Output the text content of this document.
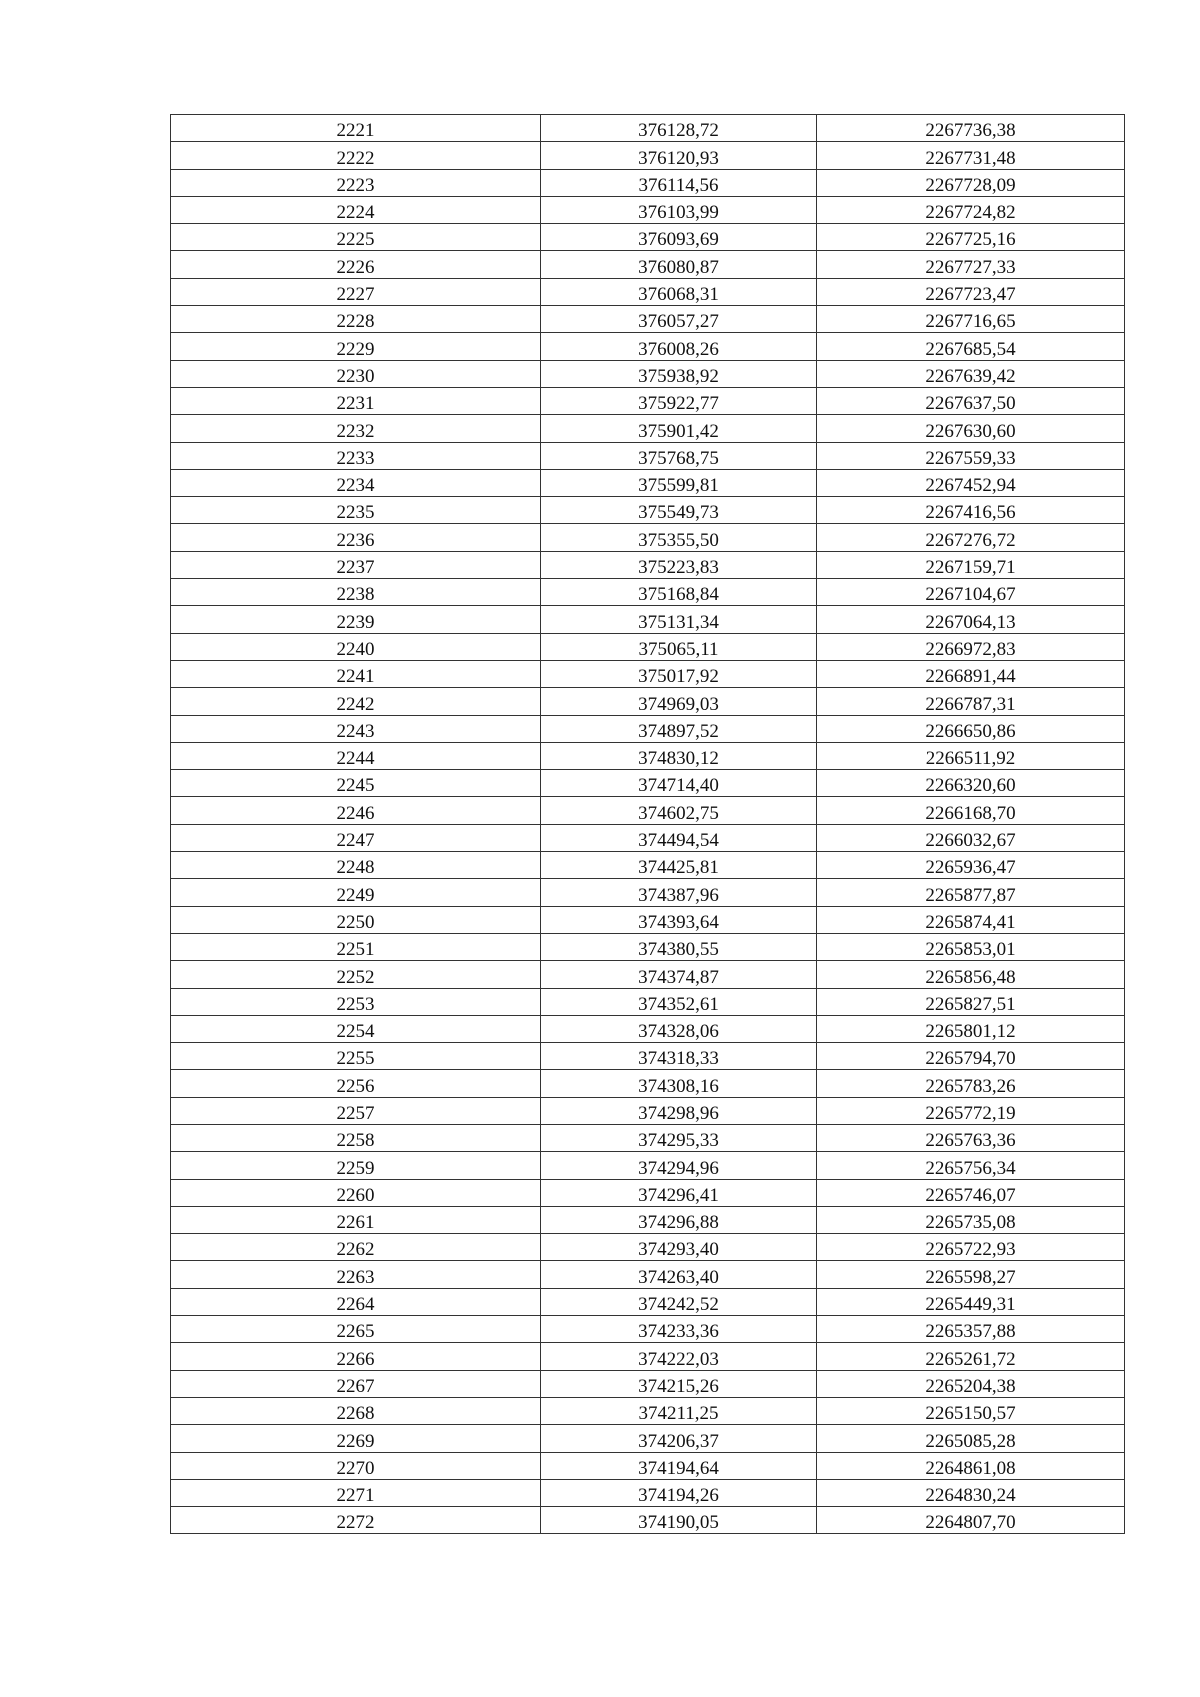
2221	376128,72	2267736,38
2222	376120,93	2267731,48
2223	376114,56	2267728,09
2224	376103,99	2267724,82
2225	376093,69	2267725,16
2226	376080,87	2267727,33
2227	376068,31	2267723,47
2228	376057,27	2267716,65
2229	376008,26	2267685,54
2230	375938,92	2267639,42
2231	375922,77	2267637,50
2232	375901,42	2267630,60
2233	375768,75	2267559,33
2234	375599,81	2267452,94
2235	375549,73	2267416,56
2236	375355,50	2267276,72
2237	375223,83	2267159,71
2238	375168,84	2267104,67
2239	375131,34	2267064,13
2240	375065,11	2266972,83
2241	375017,92	2266891,44
2242	374969,03	2266787,31
2243	374897,52	2266650,86
2244	374830,12	2266511,92
2245	374714,40	2266320,60
2246	374602,75	2266168,70
2247	374494,54	2266032,67
2248	374425,81	2265936,47
2249	374387,96	2265877,87
2250	374393,64	2265874,41
2251	374380,55	2265853,01
2252	374374,87	2265856,48
2253	374352,61	2265827,51
2254	374328,06	2265801,12
2255	374318,33	2265794,70
2256	374308,16	2265783,26
2257	374298,96	2265772,19
2258	374295,33	2265763,36
2259	374294,96	2265756,34
2260	374296,41	2265746,07
2261	374296,88	2265735,08
2262	374293,40	2265722,93
2263	374263,40	2265598,27
2264	374242,52	2265449,31
2265	374233,36	2265357,88
2266	374222,03	2265261,72
2267	374215,26	2265204,38
2268	374211,25	2265150,57
2269	374206,37	2265085,28
2270	374194,64	2264861,08
2271	374194,26	2264830,24
2272	374190,05	2264807,70
